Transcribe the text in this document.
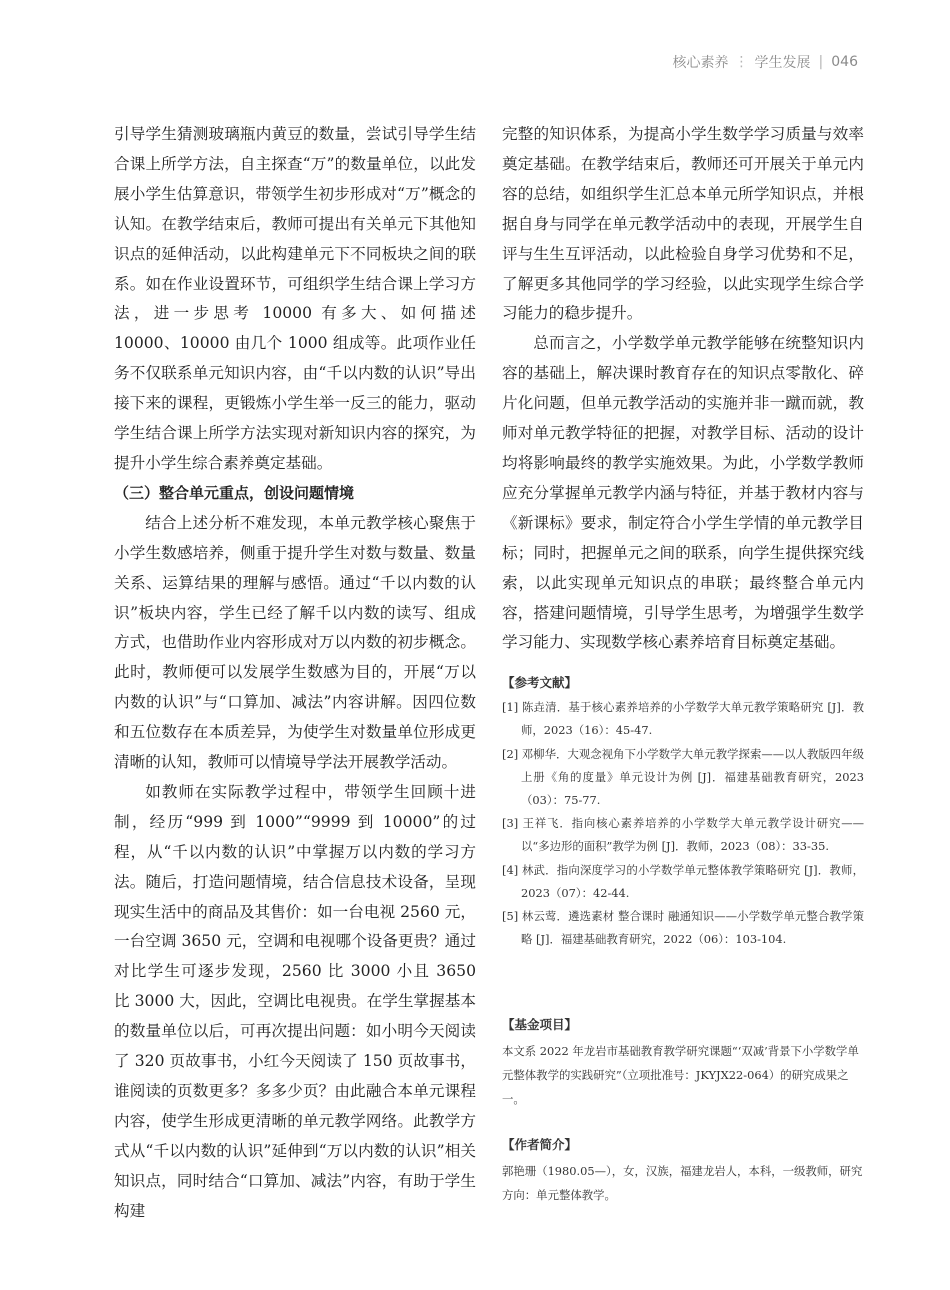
核心素养 ⋮ 学生发展 | 046

引导学生猜测玻璃瓶内黄豆的数量，尝试引导学生结合课上所学方法，自主探查“万”的数量单位，以此发展小学生估算意识，带领学生初步形成对“万”概念的认知。在教学结束后，教师可提出有关单元下其他知识点的延伸活动，以此构建单元下不同板块之间的联系。如在作业设置环节，可组织学生结合课上学习方法，进一步思考 10000 有多大、如何描述 10000、10000 由几个 1000 组成等。此项作业任务不仅联系单元知识内容，由“千以内数的认识”导出接下来的课程，更锻炼小学生举一反三的能力，驱动学生结合课上所学方法实现对新知识内容的探究，为提升小学生综合素养奠定基础。

（三）整合单元重点，创设问题情境

结合上述分析不难发现，本单元教学核心聚焦于小学生数感培养，侧重于提升学生对数与数量、数量关系、运算结果的理解与感悟。通过“千以内数的认识”板块内容，学生已经了解千以内数的读写、组成方式，也借助作业内容形成对万以内数的初步概念。此时，教师便可以发展学生数感为目的，开展“万以内数的认识”与“口算加、减法”内容讲解。因四位数和五位数存在本质差异，为使学生对数量单位形成更清晰的认知，教师可以情境导学法开展教学活动。

如教师在实际教学过程中，带领学生回顾十进制，经历“999 到 1000”“9999 到 10000”的过程，从“千以内数的认识”中掌握万以内数的学习方法。随后，打造问题情境，结合信息技术设备，呈现现实生活中的商品及其售价：如一台电视 2560 元，一台空调 3650 元，空调和电视哪个设备更贵？通过对比学生可逐步发现，2560 比 3000 小且 3650 比 3000 大，因此，空调比电视贵。在学生掌握基本的数量单位以后，可再次提出问题：如小明今天阅读了 320 页故事书，小红今天阅读了 150 页故事书，谁阅读的页数更多？多多少页？由此融合本单元课程内容，使学生形成更清晰的单元教学网络。此教学方式从“千以内数的认识”延伸到“万以内数的认识”相关知识点，同时结合“口算加、减法”内容，有助于学生构建

完整的知识体系，为提高小学生数学学习质量与效率奠定基础。在教学结束后，教师还可开展关于单元内容的总结，如组织学生汇总本单元所学知识点，并根据自身与同学在单元教学活动中的表现，开展学生自评与生生互评活动，以此检验自身学习优势和不足，了解更多其他同学的学习经验，以此实现学生综合学习能力的稳步提升。

总而言之，小学数学单元教学能够在统整知识内容的基础上，解决课时教育存在的知识点零散化、碎片化问题，但单元教学活动的实施并非一蹴而就，教师对单元教学特征的把握，对教学目标、活动的设计均将影响最终的教学实施效果。为此，小学数学教师应充分掌握单元教学内涵与特征，并基于教材内容与《新课标》要求，制定符合小学生学情的单元教学目标；同时，把握单元之间的联系，向学生提供探究线索，以此实现单元知识点的串联；最终整合单元内容，搭建问题情境，引导学生思考，为增强学生数学学习能力、实现数学核心素养培育目标奠定基础。

【参考文献】
[1] 陈垚清．基于核心素养培养的小学数学大单元教学策略研究 [J]．教师，2023（16）：45-47.
[2] 邓柳华．大观念视角下小学数学大单元教学探索——以人教版四年级上册《角的度量》单元设计为例 [J]．福建基础教育研究，2023（03）：75-77.
[3] 王祥飞．指向核心素养培养的小学数学大单元教学设计研究——以“多边形的面积”教学为例 [J]．教师，2023（08）：33-35.
[4] 林武．指向深度学习的小学数学单元整体教学策略研究 [J]．教师，2023（07）：42-44.
[5] 林云莺．遴选素材 整合课时 融通知识——小学数学单元整合教学策略 [J]．福建基础教育研究，2022（06）：103-104.
【基金项目】
本文系 2022 年龙岩市基础教育教学研究课题“‘双减’背景下小学数学单元整体教学的实践研究”（立项批准号：JKYJX22-064）的研究成果之一。
【作者简介】
郭艳珊（1980.05—），女，汉族，福建龙岩人，本科，一级教师，研究方向：单元整体教学。
